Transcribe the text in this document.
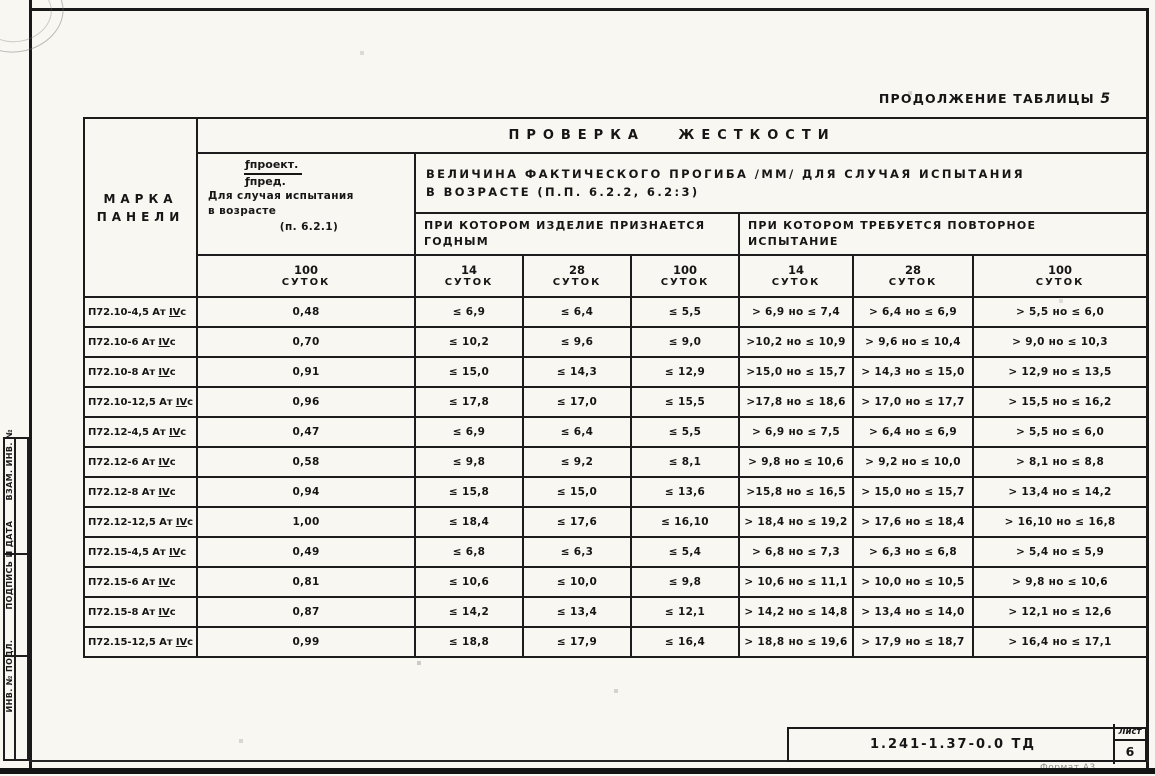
ВЗАМ. ИНВ. №
ПОДПИСЬ И ДАТА
ИНВ. № ПОДЛ.
ПРОДОЛЖЕНИЕ ТАБЛИЦЫ 5
МАРКА
ПАНЕЛИ	ПРОВЕРКА ЖЕСТКОСТИ						

ƒпроект.
ƒпред.
Для случая испытания
в возрасте
(п. 6.2.1)

ВЕЛИЧИНА ФАКТИЧЕСКОГО ПРОГИБА /ММ/ ДЛЯ СЛУЧАЯ ИСПЫТАНИЯ
В ВОЗРАСТЕ (П.П. 6.2.2, 6.2:3)

ПРИ КОТОРОМ ИЗДЕЛИЕ ПРИЗНАЕТСЯ
ГОДНЫМ

ПРИ КОТОРОМ ТРЕБУЕТСЯ ПОВТОРНОЕ
ИСПЫТАНИЕ

100
СУТОК

14
СУТОК

28
СУТОК

100
СУТОК

14
СУТОК

28
СУТОК

100
СУТОК

П72.10-4,5 Ат IVс	0,48	≤ 6,9	≤ 6,4	≤ 5,5	> 6,9 но ≤ 7,4	> 6,4 но ≤ 6,9	> 5,5 но ≤ 6,0
П72.10-6 Ат IVс	0,70	≤ 10,2	≤ 9,6	≤ 9,0	>10,2 но ≤ 10,9	> 9,6 но ≤ 10,4	> 9,0 но ≤ 10,3
П72.10-8 Ат IVс	0,91	≤ 15,0	≤ 14,3	≤ 12,9	>15,0 но ≤ 15,7	> 14,3 но ≤ 15,0	> 12,9 но ≤ 13,5
П72.10-12,5 Ат IVс	0,96	≤ 17,8	≤ 17,0	≤ 15,5	>17,8 но ≤ 18,6	> 17,0 но ≤ 17,7	> 15,5 но ≤ 16,2
П72.12-4,5 Ат IVс	0,47	≤ 6,9	≤ 6,4	≤ 5,5	> 6,9 но ≤ 7,5	> 6,4 но ≤ 6,9	> 5,5 но ≤ 6,0
П72.12-6 Ат IVс	0,58	≤ 9,8	≤ 9,2	≤ 8,1	> 9,8 но ≤ 10,6	> 9,2 но ≤ 10,0	> 8,1 но ≤ 8,8
П72.12-8 Ат IVс	0,94	≤ 15,8	≤ 15,0	≤ 13,6	>15,8 но ≤ 16,5	> 15,0 но ≤ 15,7	> 13,4 но ≤ 14,2
П72.12-12,5 Ат IVс	1,00	≤ 18,4	≤ 17,6	≤ 16,10	> 18,4 но ≤ 19,2	> 17,6 но ≤ 18,4	> 16,10 но ≤ 16,8
П72.15-4,5 Ат IVс	0,49	≤ 6,8	≤ 6,3	≤ 5,4	> 6,8 но ≤ 7,3	> 6,3 но ≤ 6,8	> 5,4 но ≤ 5,9
П72.15-6 Ат IVс	0,81	≤ 10,6	≤ 10,0	≤ 9,8	> 10,6 но ≤ 11,1	> 10,0 но ≤ 10,5	> 9,8 но ≤ 10,6
П72.15-8 Ат IVс	0,87	≤ 14,2	≤ 13,4	≤ 12,1	> 14,2 но ≤ 14,8	> 13,4 но ≤ 14,0	> 12,1 но ≤ 12,6
П72.15-12,5 Ат IVс	0,99	≤ 18,8	≤ 17,9	≤ 16,4	> 18,8 но ≤ 19,6	> 17,9 но ≤ 18,7	> 16,4 но ≤ 17,1
1.241-1.37-0.0 ТД
Лист
6
